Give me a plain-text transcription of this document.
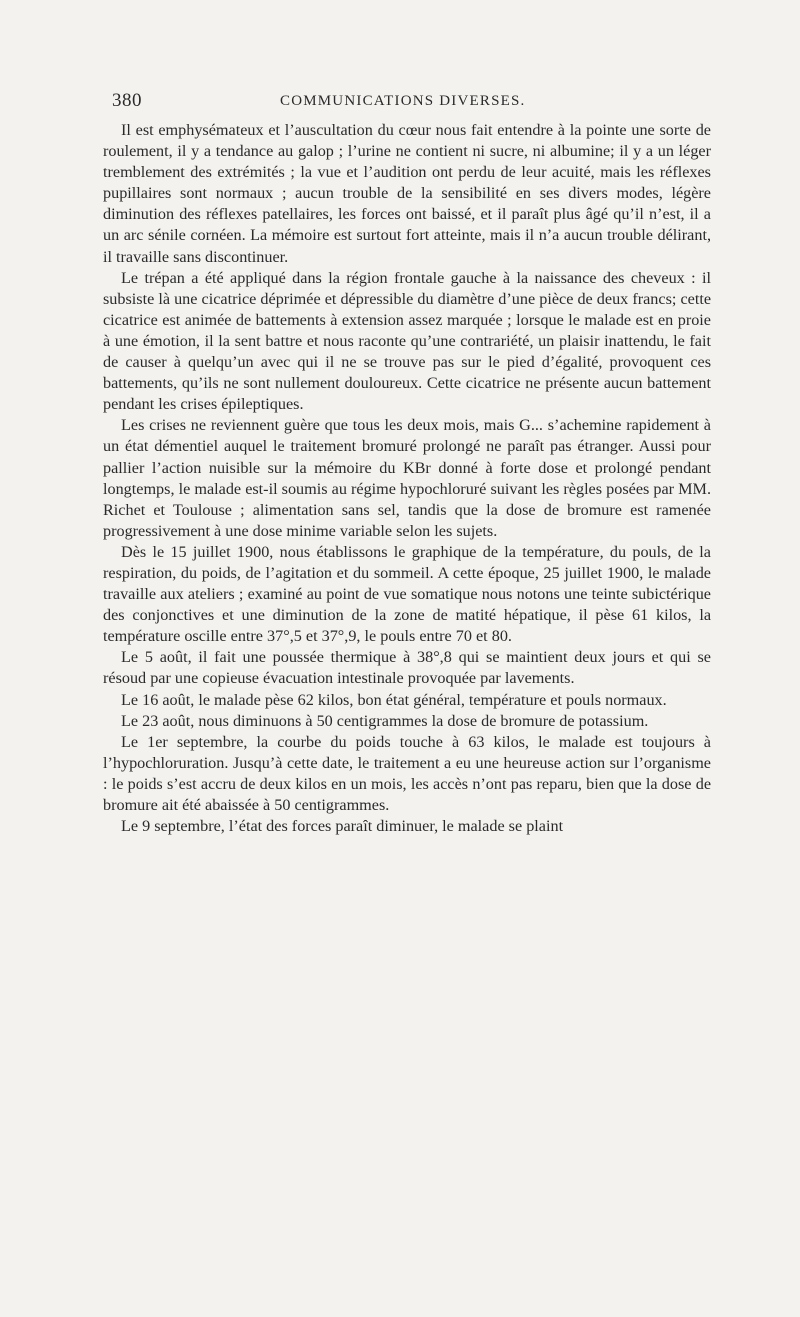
380	COMMUNICATIONS DIVERSES.

Il est emphysémateux et l’auscultation du cœur nous fait entendre à la pointe une sorte de roulement, il y a tendance au galop ; l’urine ne contient ni sucre, ni albumine; il y a un léger tremblement des extrémités ; la vue et l’audition ont perdu de leur acuité, mais les réflexes pupillaires sont normaux ; aucun trouble de la sensibilité en ses divers modes, légère diminution des réflexes patellaires, les forces ont baissé, et il paraît plus âgé qu’il n’est, il a un arc sénile cornéen. La mémoire est surtout fort atteinte, mais il n’a aucun trouble délirant, il travaille sans discontinuer.

Le trépan a été appliqué dans la région frontale gauche à la naissance des cheveux : il subsiste là une cicatrice déprimée et dépressible du diamètre d’une pièce de deux francs; cette cicatrice est animée de battements à extension assez marquée ; lorsque le malade est en proie à une émotion, il la sent battre et nous raconte qu’une contrariété, un plaisir inattendu, le fait de causer à quelqu’un avec qui il ne se trouve pas sur le pied d’égalité, provoquent ces battements, qu’ils ne sont nullement douloureux. Cette cicatrice ne présente aucun battement pendant les crises épileptiques.

Les crises ne reviennent guère que tous les deux mois, mais G... s’achemine rapidement à un état démentiel auquel le traitement bromuré prolongé ne paraît pas étranger. Aussi pour pallier l’action nuisible sur la mémoire du KBr donné à forte dose et prolongé pendant longtemps, le malade est-il soumis au régime hypochloruré suivant les règles posées par MM. Richet et Toulouse ; alimentation sans sel, tandis que la dose de bromure est ramenée progressivement à une dose minime variable selon les sujets.

Dès le 15 juillet 1900, nous établissons le graphique de la température, du pouls, de la respiration, du poids, de l’agitation et du sommeil. A cette époque, 25 juillet 1900, le malade travaille aux ateliers ; examiné au point de vue somatique nous notons une teinte subictérique des conjonctives et une diminution de la zone de matité hépatique, il pèse 61 kilos, la température oscille entre 37°,5 et 37°,9, le pouls entre 70 et 80.

Le 5 août, il fait une poussée thermique à 38°,8 qui se maintient deux jours et qui se résoud par une copieuse évacuation intestinale provoquée par lavements.

Le 16 août, le malade pèse 62 kilos, bon état général, température et pouls normaux.

Le 23 août, nous diminuons à 50 centigrammes la dose de bromure de potassium.

Le 1er septembre, la courbe du poids touche à 63 kilos, le malade est toujours à l’hypochloruration. Jusqu’à cette date, le traitement a eu une heureuse action sur l’organisme : le poids s’est accru de deux kilos en un mois, les accès n’ont pas reparu, bien que la dose de bromure ait été abaissée à 50 centigrammes.

Le 9 septembre, l’état des forces paraît diminuer, le malade se plaint
